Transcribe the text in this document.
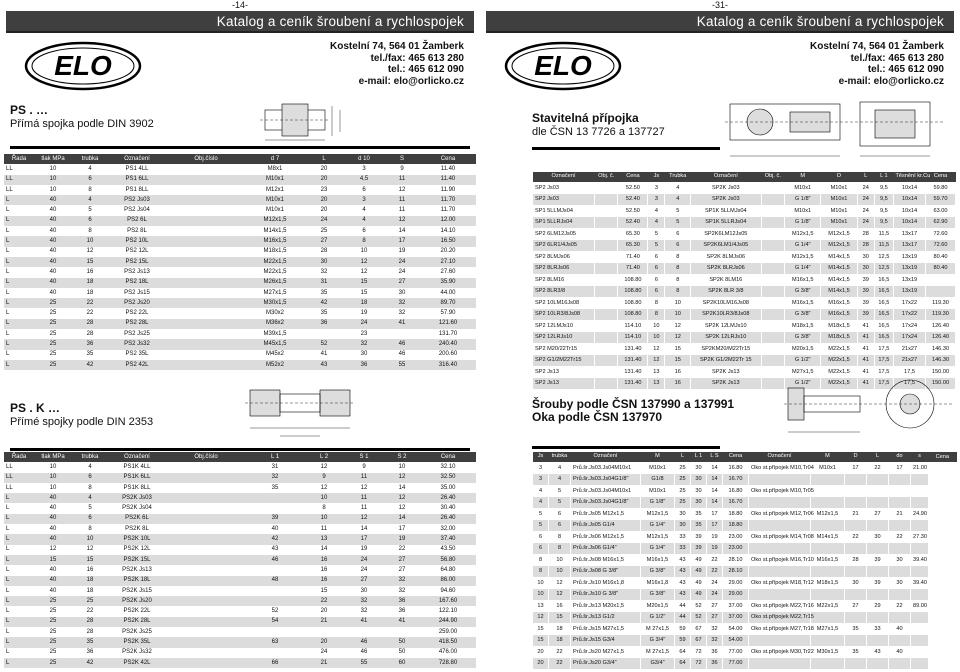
-14-
Katalog a ceník šroubení a rychlospojek
ELO
Kostelní 74, 564 01 Žamberk
tel./fax: 465 613 280
tel.: 465 612 090
e-mail: elo@orlicko.cz
PS . …
Přímá spojka podle DIN 3902
Řada	tlak MPa	trubka	Označení	Obj.číslo	d 7	L	d 10	S	Cena
LL	10	4	PS1 4LL		M8x1	20	3	9	11.40
LL	10	6	PS1 6LL		M10x1	20	4,5	11	11.40
LL	10	8	PS1 8LL		M12x1	23	6	12	11.90
L	40	4	PS2 Js03		M10x1	20	3	11	11.70
L	40	5	PS2 Js04		M10x1	20	4	11	11.70
L	40	6	PS2 6L		M12x1,5	24	4	12	12.00
L	40	8	PS2 8L		M14x1,5	25	6	14	14.10
L	40	10	PS2 10L		M16x1,5	27	8	17	16.50
L	40	12	PS2 12L		M18x1,5	28	10	19	20.20
L	40	15	PS2 15L		M22x1,5	30	12	24	27.10
L	40	16	PS2 Js13		M22x1,5	32	12	24	27.60
L	40	18	PS2 18L		M26x1,5	31	15	27	35.90
L	40	18	PS2 Js15		M27x1,5	35	15	30	44.00
L	25	22	PS2 Js20		M30x1,5	42	18	32	89.70
L	25	22	PS2 22L		M30x2	35	19	32	57.90
L	25	28	PS2 28L		M36x2	36	24	41	121.60
L	25	28	PS2 Js25		M39x1,5		23		131.70
L	25	36	PS2 Js32		M45x1,5	52	32	46	240.40
L	25	35	PS2 35L		M45x2	41	30	46	200.60
L	25	42	PS2 42L		M52x2	43	36	55	316.40
PS . K …
Přímé spojky podle DIN 2353
Řada	tlak MPa	trubka	Označení	Obj.číslo	L 1	L 2	S 1	S 2	Cena
LL	10	4	PS1K 4LL		31	12	9	10	32.10
LL	10	6	PS1K 6LL		32	9	11	12	32.50
LL	10	8	PS1K 8LL		35	12	12	14	35.00
L	40	4	PS2K Js03			10	11	12	26.40
L	40	5	PS2K Js04			8	11	12	30.40
L	40	6	PS2K 6L		39	10	12	14	26.40
L	40	8	PS2K 8L		40	11	14	17	32.00
L	40	10	PS2K 10L		42	13	17	19	37.40
L	12	12	PS2K 12L		43	14	19	22	43.50
L	15	15	PS2K 15L		46	16	24	27	56.80
L	40	16	PS2K Js13			16	24	27	64.80
L	40	18	PS2K 18L		48	16	27	32	86.00
L	40	18	PS2K Js15			15	30	32	94.60
L	25	25	PS2K Js20			22	32	36	167.60
L	25	22	PS2K 22L		52	20	32	36	122.10
L	25	28	PS2K 28L		54	21	41	41	244.90
L	25	28	PS2K Js25						259.00
L	25	35	PS2K 35L		63	20	46	50	418.50
L	25	36	PS2K Js32			24	46	50	476.00
L	25	42	PS2K 42L		66	21	55	60	728.80
-31-
Katalog a ceník šroubení a rychlospojek
ELO
Kostelní 74, 564 01 Žamberk
tel./fax: 465 613 280
tel.: 465 612 090
e-mail: elo@orlicko.cz
Stavitelná přípojka
dle ČSN 13 7726 a 137727
Označení	Obj. č.	Cena	Js	Trubka	Označení	Obj. č.	M	D	L	L 1	Těsnění kr.Cu	Cena
SP2 Js03		52.50	3	4	SP2K Js03		M10x1	M10x1	24	9,5	10x14	59.80
SP2 Js03		52.40	3	4	SP2K Js03		G 1/8"	M10x1	24	9,5	10x14	59.70
SP1 5LLMJs04		52.50	4	5	SP1K 5LLMJs04		M10x1	M10x1	24	9,5	10x14	63.00
SP1 5LLRJs04		52.40	4	5	SP1K 5LLRJs04		G 1/8"	M10x1	24	9,5	10x14	62.90
SP2 6LM12Js05		65.30	5	6	SP2K6LM12Js05		M12x1,5	M12x1,5	28	11,5	13x17	72.60
SP2 6LR1/4Js05		65.30	5	6	SP2K6LM1/4Js05		G 1/4"	M12x1,5	28	11,5	13x17	72.60
SP2 8LMJs06		71.40	6	8	SP2K 8LMJs06		M12x1,5	M14x1,5	30	12,5	13x19	80.40
SP2 8LRJs06		71.40	6	8	SP2K 8LRJs06		G 1/4"	M14x1,5	30	12,5	13x19	80.40
SP2 8LM16		108.80	6	8	SP2K 8LM16		M16x1,5	M14x1,5	39	16,5	13x19	
SP2 8LR3/8		108.80	6	8	SP2K 8LR 3/8		G 3/8"	M14x1,5	39	16,5	13x19	
SP2 10LM16Js08		108.80	8	10	SP2K10LM16Js08		M16x1,5	M16x1,5	39	16,5	17x22	119.30
SP2 10LR3/8Js08		108.80	8	10	SP2K10LR3/8Js08		G 3/8"	M16x1,5	39	16,5	17x22	119.30
SP2 12LMJs10		114.10	10	12	SP2K 12LMJs10		M18x1,5	M18x1,5	41	16,5	17x24	126.40
SP2 12LRJs10		114.10	10	12	SP2K 12LRJs10		G 3/8"	M18x1,5	41	16,5	17x24	126.40
SP2 M20/22Tr15		131.40	12	15	SP2KM20/M22Tr15		M20x1,5	M22x1,5	41	17,5	21x27	146.30
SP2 G1/2M22Tr15		131.40	12	15	SP2K G1/2M22Tr 15		G 1/2"	M22x1,5	41	17,5	21x27	146.30
SP2 Js13		131.40	13	16	SP2K Js13		M27x1,5	M22x1,5	41	17,5	17,5	150.00
SP2 Js13		131.40	13	16	SP2K Js13		G 1/2"	M22x1,5	41	17,5	17,5	150.00
Šrouby podle ČSN 137990 a 137991
Oka podle ČSN 137970
Js	trubka	Označení	M	L	L 1	L S	Cena	Označení	M	D	L	do	s	Cena
3	4	Prů.šr.Js03.Js04M10x1	M10x1	25	30	14	16.80	Oko st.přípojek M10,Tr04	M10x1	17	22	17	21.00	
3	4	Prů.šr.Js03.Js04G1/8"	G1/8	25	30	14	16.70							
4	5	Prů.šr.Js03.Js04M10x1	M10x1	25	30	14	16.80	Oko st.přípojek M10,Tr05						
4	5	Prů.šr.Js03.Js04G1/8"	G 1/8"	25	30	14	16.70							
5	6	Prů.šr.Js05 M12x1,5	M12x1,5	30	35	17	18.80	Oko st.přípojek M12,Tr06	M12x1,5	21	27	21	24.90	
5	6	Prů.šr.Js05 G1/4	G 1/4"	30	35	17	18.80							
6	8	Prů.šr.Js06 M12x1,5	M12x1,5	33	39	19	23.00	Oko st.přípojek M14,Tr08	M14x1,5	22	30	22	27.30	
6	8	Prů.šr.Js06 G1/4"	G 1/4"	33	39	19	23.00							
8	10	Prů.šr.Js08 M16x1,5	M16x1,5	43	49	22	28.10	Oko st.přípojek M16,Tr10	M16x1,5	28	39	30	39.40	
8	10	Prů.šr.Js08 G 3/8"	G 3/8"	43	49	22	28.10							
10	12	Prů.šr.Js10 M16x1,8	M16x1,8	43	49	24	29.00	Oko st.přípojek M18,Tr12	M18x1,5	30	39	30	39.40	
10	12	Prů.šr.Js10 G 3/8"	G 3/8"	43	49	24	29.00							
13	16	Prů.šr.Js13 M20x1,5	M20x1,5	44	52	27	37.00	Oko st.přípojek M22,Tr16	M22x1,5	27	29	22	89.00	
12	15	Prů.šr.Js13 G1/2	G 1/2"	44	52	27	37.00	Oko st.přípojek M22,Tr15						
15	18	Prů.šr.Js15 M27x1,5	M 27x1,5	59	67	32	54.00	Oko st.přípojek M27,Tr18	M27x1,5	35	33	40		
15	18	Prů.šr.Js15 G3/4	G 3/4"	59	67	32	54.00							
20	22	Prů.šr.Js20 M27x1,5	M 27x1,5	64	72	36	77.00	Oko st.přípojek M30,Tr22	M30x1,5	35	43	40		
20	22	Prů.šr.Js20 G3/4"	G3/4"	64	72	36	77.00							
